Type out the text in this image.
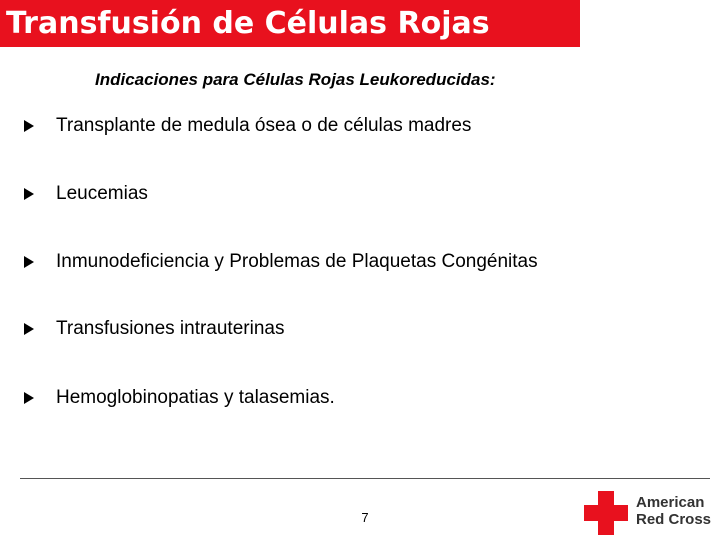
Transfusión de Células Rojas
Indicaciones para Células Rojas Leukoreducidas:
Transplante de medula ósea o de células madres
Leucemias
Inmunodeficiencia y Problemas de Plaquetas Congénitas
Transfusiones intrauterinas
Hemoglobinopatias y talasemias.
7
American
Red Cross
